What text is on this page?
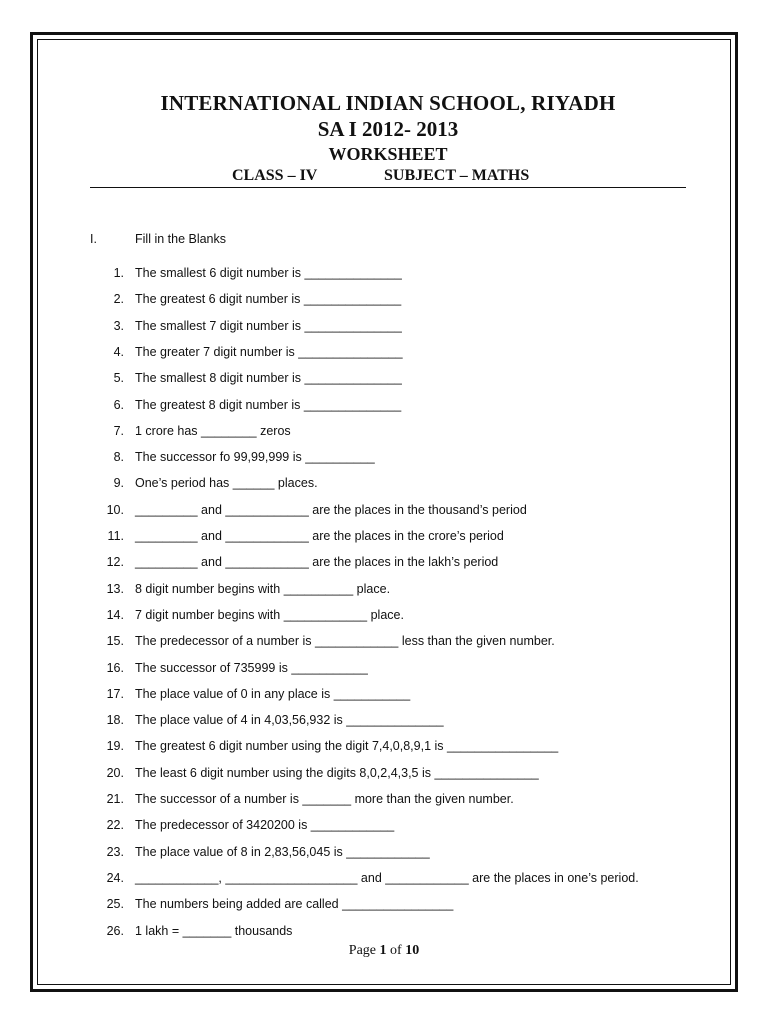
INTERNATIONAL INDIAN SCHOOL, RIYADH
SA I 2012- 2013
WORKSHEET
CLASS – IV	SUBJECT – MATHS
I.	Fill in the Blanks
1. The smallest 6 digit number is ______________
2. The greatest 6 digit number is ______________
3. The smallest 7 digit number is ______________
4. The greater 7 digit number is _______________
5. The smallest 8 digit number is ______________
6. The greatest 8 digit number is ______________
7. 1 crore has ________ zeros
8. The successor fo 99,99,999 is __________
9. One’s period has ______ places.
10. _________ and ____________ are the places in the thousand’s period
11. _________ and ____________ are the places in the crore’s period
12. _________ and ____________ are the places in the lakh’s period
13. 8 digit number begins with __________ place.
14. 7 digit number begins with ____________ place.
15. The predecessor of a number is ____________ less than the given number.
16. The successor of 735999 is ___________
17. The place value of 0 in any place is ___________
18. The place value of 4 in 4,03,56,932 is ______________
19. The greatest 6 digit number using the digit 7,4,0,8,9,1 is ________________
20. The least 6 digit number using the digits 8,0,2,4,3,5 is _______________
21. The successor of a number is _______ more than the given number.
22. The predecessor of 3420200 is ____________
23. The place value of 8 in 2,83,56,045 is ____________
24. ____________, ___________________ and ____________ are the places in one’s period.
25. The numbers being added are called ________________
26. 1 lakh = _______ thousands
Page 1 of 10
